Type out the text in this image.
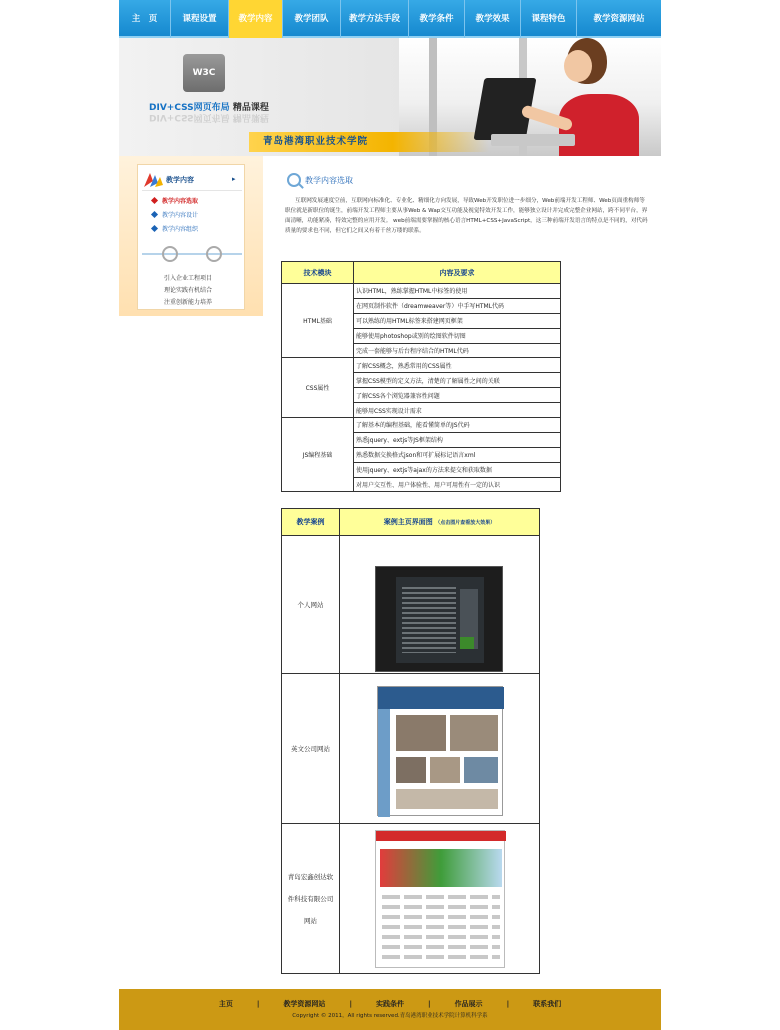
主　页	课程设置	教学内容	教学团队	教学方法手段	教学条件	教学效果	课程特色	教学资源网站
W3C
DIV+CSS网页布局 精品课程
DIV+CSS网页布局 精品课程
青岛港湾职业技术学院
教学内容	▸
教学内容选取
教学内容设计
教学内容组织
引入企业工程项目
理论实践有机结合
注重创新能力培养
教学内容选取

互联网发展速度空前，互联网向标准化、专业化、精细化方向发展，导致Web开发职位进一步细分，Web前端开发工程师、Web页面重构师等职位就是新职位的诞生，前端开发工程师主要从事Web & Wap交互功能及视觉特效开发工作，能够独立设计并完成完整企业网站，跨不同平台，界面清晰，功能紧凑，特效完整的应用开发。 web前端需要掌握的核心语言HTML+CSS+JavaScript，这三种前端开发语言的特点是不同的，对代码质量的要求也不同，但它们之间又有着千丝万缕的联系。

技术模块	内容及要求
HTML基础	认识HTML，熟练掌握HTML中标签的使用
	在网页制作软件（dreamweaver等）中手写HTML代码
	可以熟练的用HTML标签来搭建网页框架
	能够使用photoshop或别的绘图软件切图
	完成一套能够与后台程序结合的HTML代码
CSS属性	了解CSS概念，熟悉常用的CSS属性
	掌握CSS模型的定义方法，清楚的了解属性之间的关联
	了解CSS各个浏览器兼容性问题
	能够用CSS实现设计需求
JS编程基础	了解基本的编程基础，能看懂简单的JS代码
	熟悉jquery、extjs等JS框架结构
	熟悉数据交换格式json和可扩展标记语言xml
	使用jquery、extjs等ajax的方法来提交和获取数据
	对用户交互性、用户体验性、用户可用性有一定的认识
教学案例	案例主页界面图 （点击图片查看放大效果）
个人网站	

英文公司网站	

青岛宏鑫创达软
件科技有限公司
网站	
主页	|	教学资源网站	|	实践条件	|	作品展示	|	联系我们
Copyright © 2011，All rights reserved.青岛港湾职业技术学院计算机科学系
